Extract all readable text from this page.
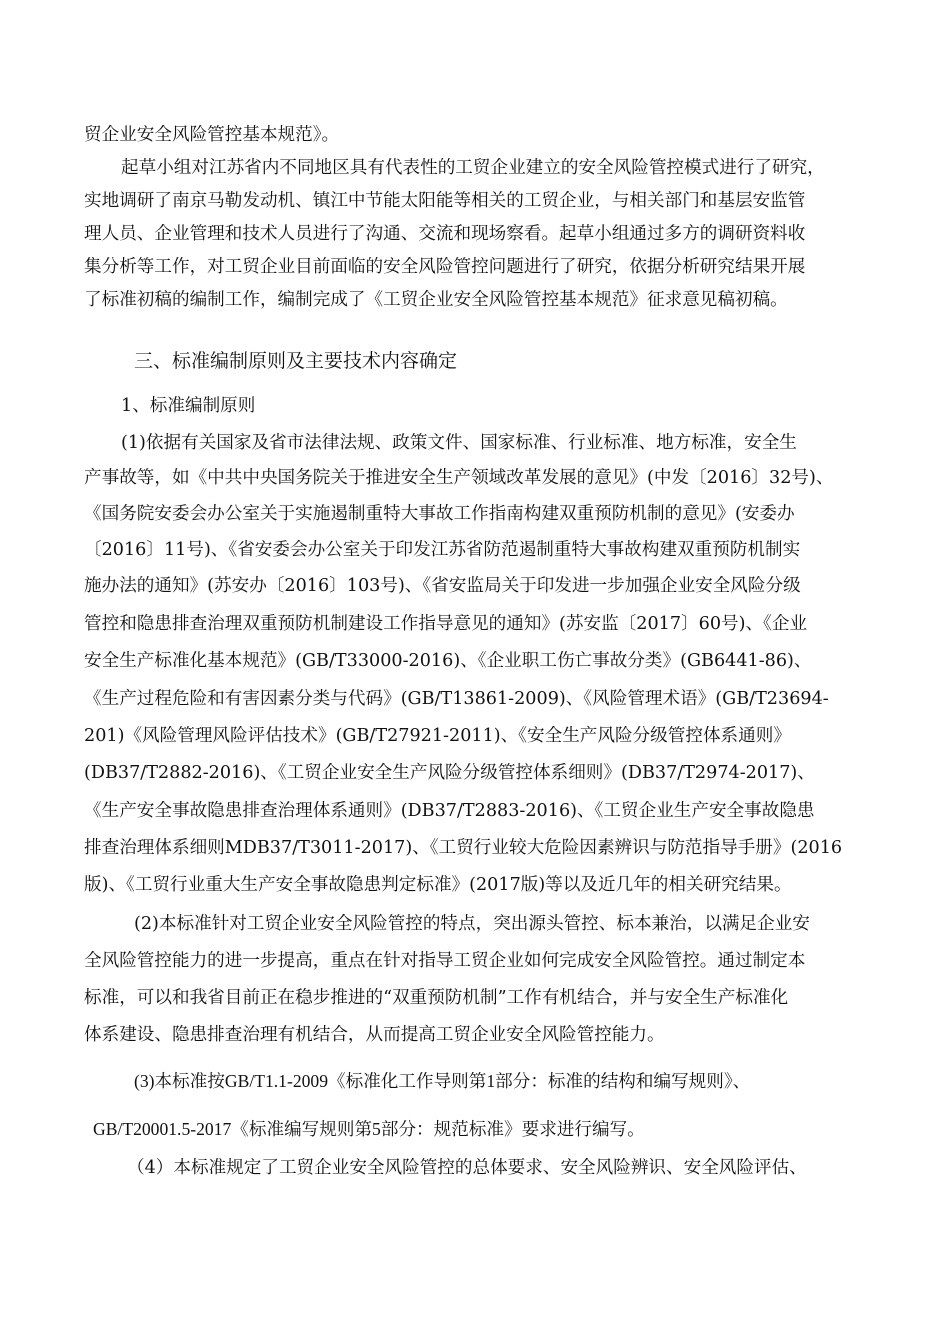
贸企业安全风险管控基本规范》。
起草小组对江苏省内不同地区具有代表性的工贸企业建立的安全风险管控模式进行了研究，
实地调研了南京马勒发动机、镇江中节能太阳能等相关的工贸企业，与相关部门和基层安监管
理人员、企业管理和技术人员进行了沟通、交流和现场察看。起草小组通过多方的调研资料收
集分析等工作，对工贸企业目前面临的安全风险管控问题进行了研究，依据分析研究结果开展
了标准初稿的编制工作，编制完成了《工贸企业安全风险管控基本规范》征求意见稿初稿。
三、标准编制原则及主要技术内容确定
1、标准编制原则
(1)依据有关国家及省市法律法规、政策文件、国家标准、行业标准、地方标准，安全生
产事故等，如《中共中央国务院关于推进安全生产领域改革发展的意见》(中发〔2016〕32号)、
《国务院安委会办公室关于实施遏制重特大事故工作指南构建双重预防机制的意见》(安委办
〔2016〕11号)、《省安委会办公室关于印发江苏省防范遏制重特大事故构建双重预防机制实
施办法的通知》(苏安办〔2016〕103号)、《省安监局关于印发进一步加强企业安全风险分级
管控和隐患排查治理双重预防机制建设工作指导意见的通知》(苏安监〔2017〕60号)、《企业
安全生产标准化基本规范》(GB/T33000-2016)、《企业职工伤亡事故分类》(GB6441-86)、
《生产过程危险和有害因素分类与代码》(GB/T13861-2009)、《风险管理术语》(GB/T23694-
201)《风险管理风险评估技术》(GB/T27921-2011)、《安全生产风险分级管控体系通则》
(DB37/T2882-2016)、《工贸企业安全生产风险分级管控体系细则》(DB37/T2974-2017)、
《生产安全事故隐患排查治理体系通则》(DB37/T2883-2016)、《工贸企业生产安全事故隐患
排查治理体系细则MDB37/T3011-2017)、《工贸行业较大危险因素辨识与防范指导手册》(2016
版)、《工贸行业重大生产安全事故隐患判定标准》(2017版)等以及近几年的相关研究结果。
(2)本标准针对工贸企业安全风险管控的特点，突出源头管控、标本兼治，以满足企业安
全风险管控能力的进一步提高，重点在针对指导工贸企业如何完成安全风险管控。通过制定本
标准，可以和我省目前正在稳步推进的“双重预防机制”工作有机结合，并与安全生产标准化
体系建设、隐患排查治理有机结合，从而提高工贸企业安全风险管控能力。
(3)本标准按GB/T1.1-2009《标准化工作导则第1部分：标准的结构和编写规则》、
GB/T20001.5-2017《标准编写规则第5部分：规范标准》要求进行编写。
（4）本标准规定了工贸企业安全风险管控的总体要求、安全风险辨识、安全风险评估、
